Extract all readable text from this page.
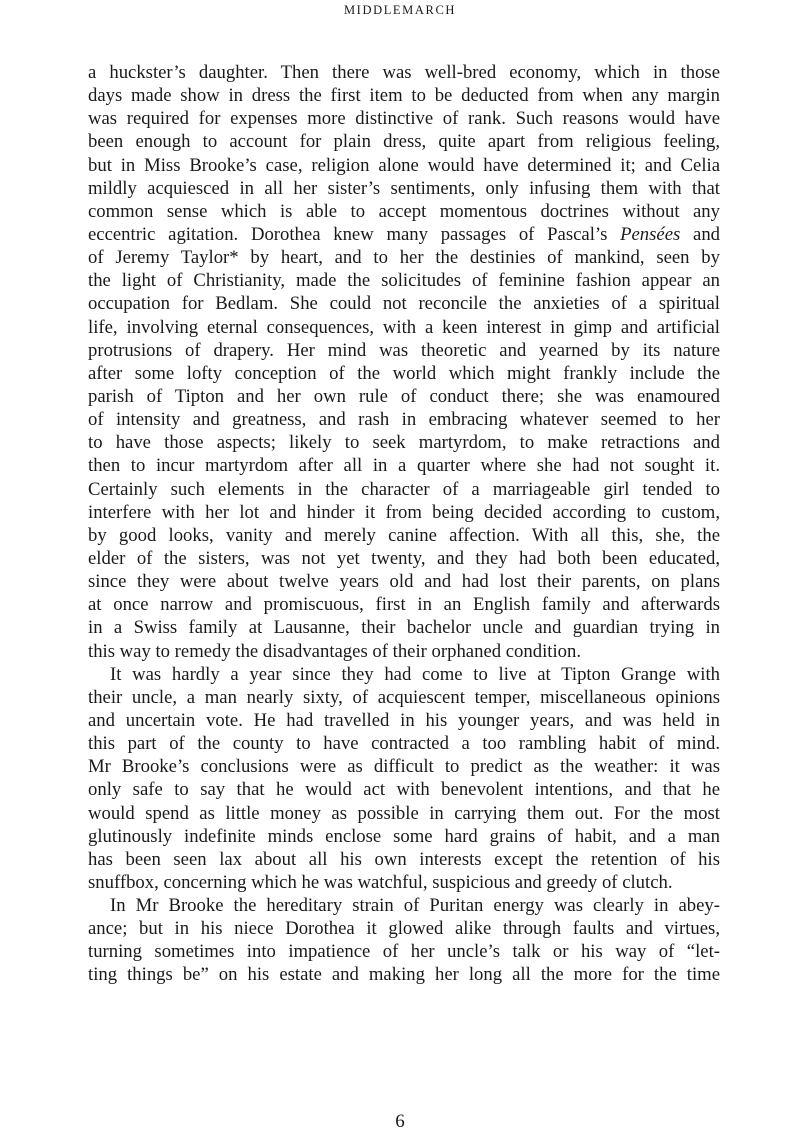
MIDDLEMARCH
a huckster’s daughter. Then there was well-bred economy, which in those
days made show in dress the first item to be deducted from when any margin
was required for expenses more distinctive of rank. Such reasons would have
been enough to account for plain dress, quite apart from religious feeling,
but in Miss Brooke’s case, religion alone would have determined it; and Celia
mildly acquiesced in all her sister’s sentiments, only infusing them with that
common sense which is able to accept momentous doctrines without any
eccentric agitation. Dorothea knew many passages of Pascal’s Pensées and
of Jeremy Taylor* by heart, and to her the destinies of mankind, seen by
the light of Christianity, made the solicitudes of feminine fashion appear an
occupation for Bedlam. She could not reconcile the anxieties of a spiritual
life, involving eternal consequences, with a keen interest in gimp and artificial
protrusions of drapery. Her mind was theoretic and yearned by its nature
after some lofty conception of the world which might frankly include the
parish of Tipton and her own rule of conduct there; she was enamoured
of intensity and greatness, and rash in embracing whatever seemed to her
to have those aspects; likely to seek martyrdom, to make retractions and
then to incur martyrdom after all in a quarter where she had not sought it.
Certainly such elements in the character of a marriageable girl tended to
interfere with her lot and hinder it from being decided according to custom,
by good looks, vanity and merely canine affection. With all this, she, the
elder of the sisters, was not yet twenty, and they had both been educated,
since they were about twelve years old and had lost their parents, on plans
at once narrow and promiscuous, first in an English family and afterwards
in a Swiss family at Lausanne, their bachelor uncle and guardian trying in
this way to remedy the disadvantages of their orphaned condition.
It was hardly a year since they had come to live at Tipton Grange with
their uncle, a man nearly sixty, of acquiescent temper, miscellaneous opinions
and uncertain vote. He had travelled in his younger years, and was held in
this part of the county to have contracted a too rambling habit of mind.
Mr Brooke’s conclusions were as difficult to predict as the weather: it was
only safe to say that he would act with benevolent intentions, and that he
would spend as little money as possible in carrying them out. For the most
glutinously indefinite minds enclose some hard grains of habit, and a man
has been seen lax about all his own interests except the retention of his
snuffbox, concerning which he was watchful, suspicious and greedy of clutch.
In Mr Brooke the hereditary strain of Puritan energy was clearly in abey-
ance; but in his niece Dorothea it glowed alike through faults and virtues,
turning sometimes into impatience of her uncle’s talk or his way of “let-
ting things be” on his estate and making her long all the more for the time
6
